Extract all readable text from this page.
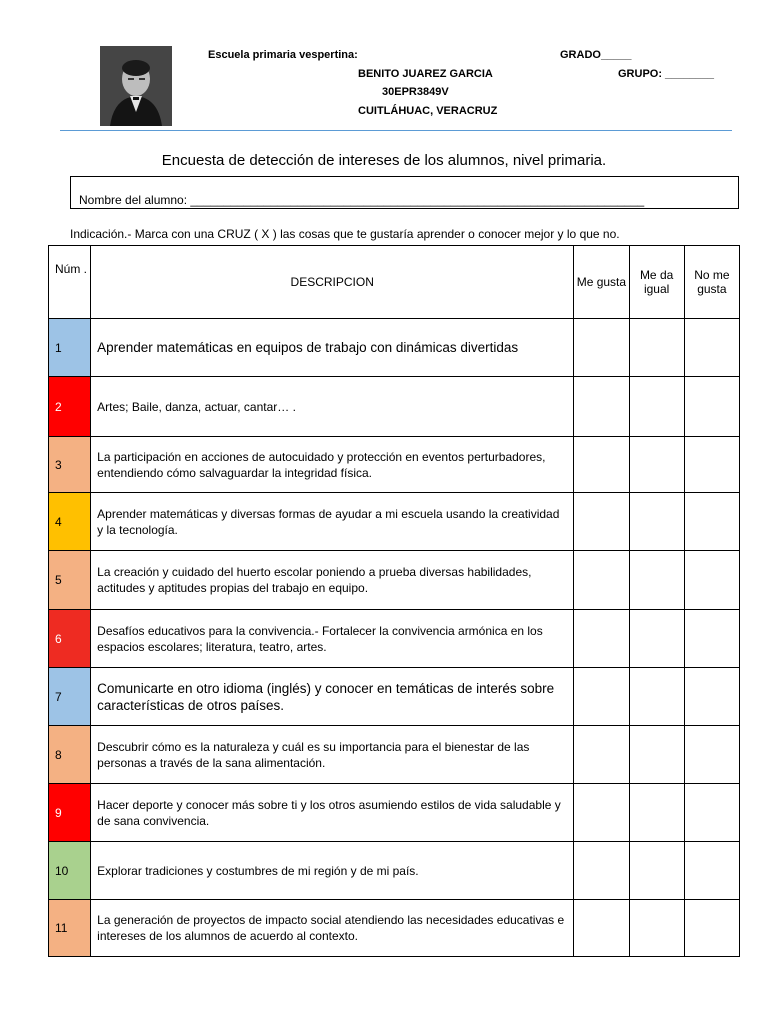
Escuela primaria vespertina:
BENITO JUAREZ GARCIA
30EPR3849V
CUITLÁHUAC, VERACRUZ
GRADO_____
GRUPO: ________
Encuesta de detección de intereses de los alumnos, nivel primaria.
Nombre del alumno: ____________________________________________________________________
Indicación.- Marca con una CRUZ ( X ) las cosas que te gustaría aprender o conocer mejor y lo que no.
Núm .	DESCRIPCION	Me gusta	Me da igual	No me gusta
1	Aprender matemáticas en equipos de trabajo con dinámicas divertidas			
2	Artes; Baile, danza, actuar, cantar… .			
3	La participación en acciones de autocuidado y protección en eventos perturbadores, entendiendo cómo salvaguardar la integridad física.			
4	Aprender matemáticas y diversas formas de ayudar a mi escuela usando la creatividad y la tecnología.			
5	La creación y cuidado del huerto escolar poniendo a prueba diversas habilidades, actitudes y aptitudes propias del trabajo en equipo.			
6	Desafíos educativos para la convivencia.- Fortalecer la convivencia armónica en los espacios escolares; literatura, teatro, artes.			
7	Comunicarte en otro idioma (inglés) y conocer en temáticas de interés sobre características de otros países.			
8	Descubrir cómo es la naturaleza y cuál es su importancia para el bienestar de las personas a través de la sana alimentación.			
9	Hacer deporte y conocer más sobre ti y los otros asumiendo estilos de vida saludable y de sana convivencia.			
10	Explorar tradiciones y costumbres de mi región y de mi país.			
11	La generación de proyectos de impacto social atendiendo las necesidades educativas e intereses de los alumnos de acuerdo al contexto.			
